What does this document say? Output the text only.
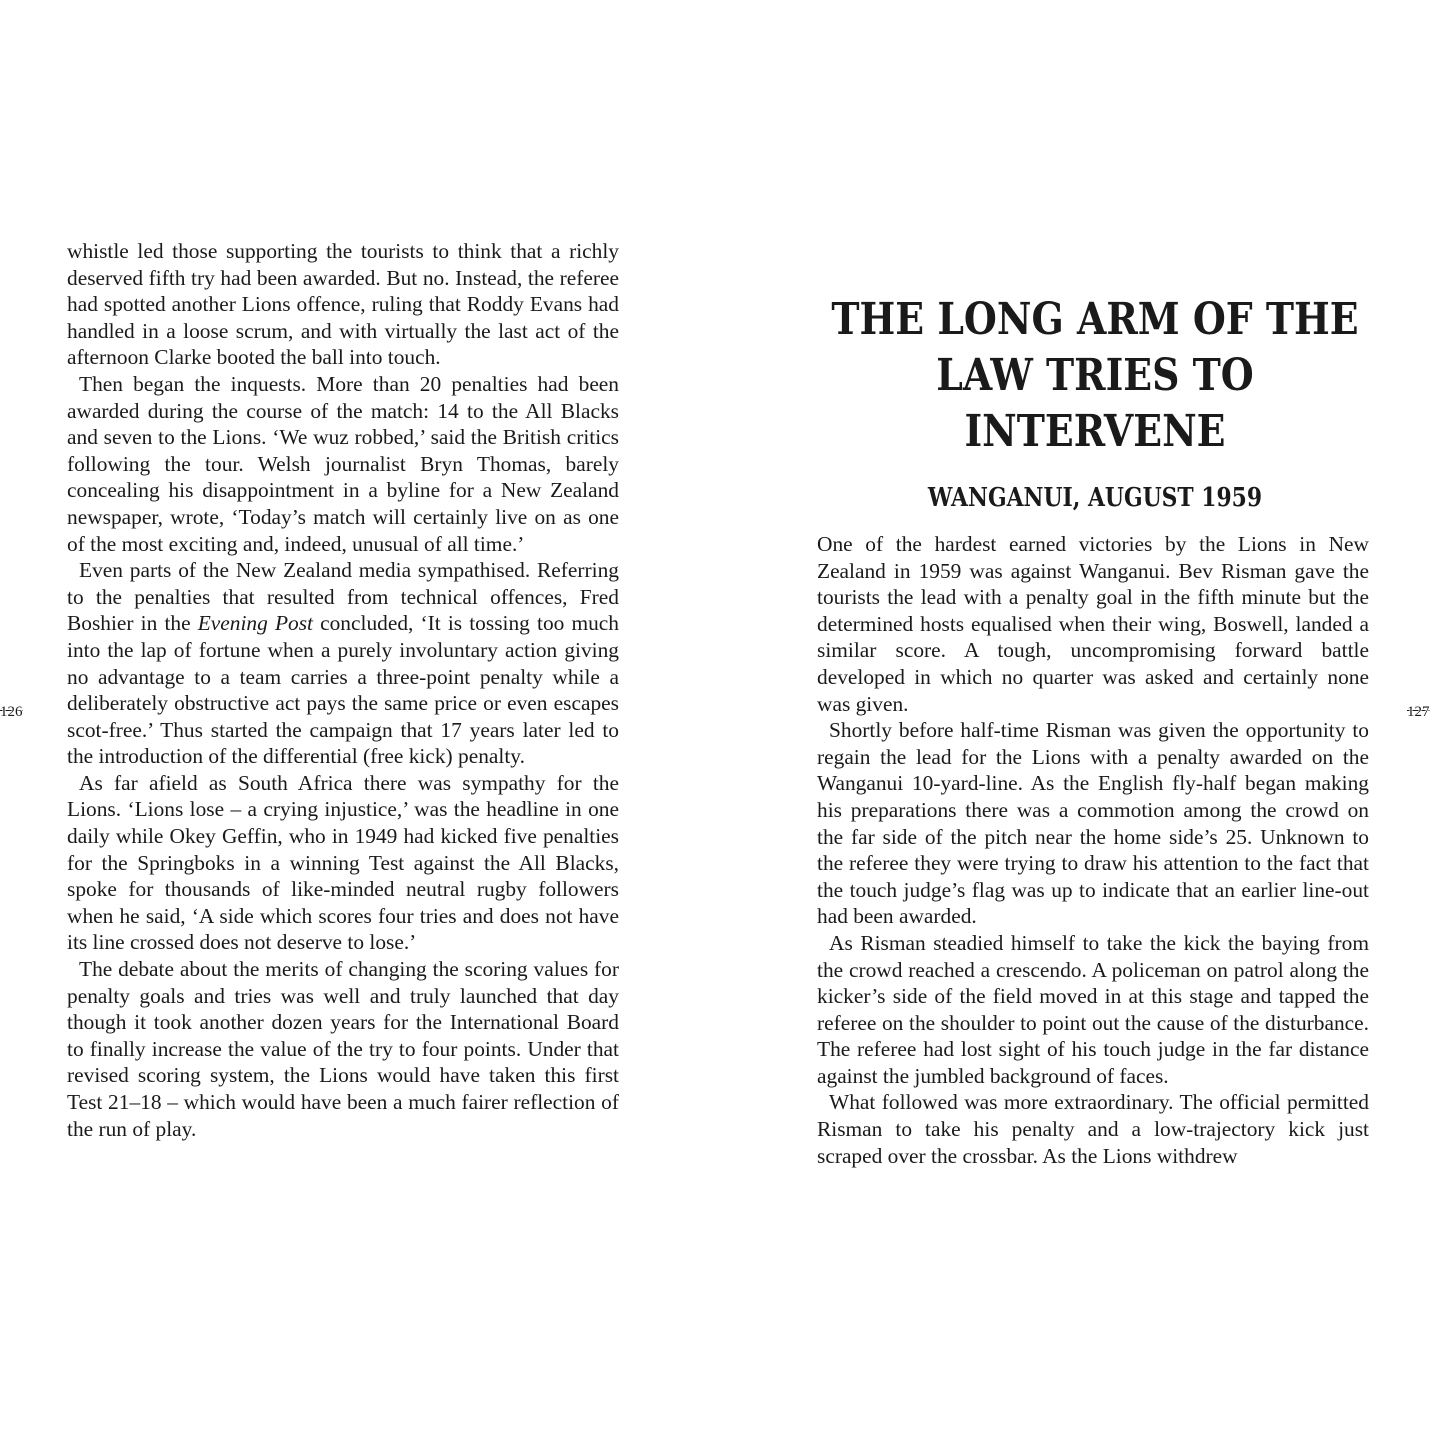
whistle led those supporting the tourists to think that a richly deserved fifth try had been awarded. But no. Instead, the referee had spotted another Lions offence, ruling that Roddy Evans had handled in a loose scrum, and with virtually the last act of the afternoon Clarke booted the ball into touch.

Then began the inquests. More than 20 penalties had been awarded during the course of the match: 14 to the All Blacks and seven to the Lions. ‘We wuz robbed,’ said the British critics following the tour. Welsh journalist Bryn Thomas, barely concealing his disappointment in a byline for a New Zealand newspaper, wrote, ‘Today’s match will certainly live on as one of the most exciting and, indeed, unusual of all time.’

Even parts of the New Zealand media sympathised. Referring to the penalties that resulted from technical offences, Fred Boshier in the Evening Post concluded, ‘It is tossing too much into the lap of fortune when a purely involuntary action giving no advantage to a team carries a three-point penalty while a deliberately obstructive act pays the same price or even escapes scot-free.’ Thus started the campaign that 17 years later led to the introduction of the differential (free kick) penalty.

As far afield as South Africa there was sympathy for the Lions. ‘Lions lose – a crying injustice,’ was the headline in one daily while Okey Geffin, who in 1949 had kicked five penalties for the Springboks in a winning Test against the All Blacks, spoke for thousands of like-minded neutral rugby followers when he said, ‘A side which scores four tries and does not have its line crossed does not deserve to lose.’

The debate about the merits of changing the scoring values for penalty goals and tries was well and truly launched that day though it took another dozen years for the International Board to finally increase the value of the try to four points. Under that revised scoring system, the Lions would have taken this first Test 21–18 – which would have been a much fairer reflection of the run of play.

126
THE LONG ARM OF THE
LAW TRIES TO INTERVENE
WANGANUI, AUGUST 1959

One of the hardest earned victories by the Lions in New Zealand in 1959 was against Wanganui. Bev Risman gave the tourists the lead with a penalty goal in the fifth minute but the determined hosts equalised when their wing, Boswell, landed a similar score. A tough, uncompromising forward battle developed in which no quarter was asked and certainly none was given.

Shortly before half-time Risman was given the opportunity to regain the lead for the Lions with a penalty awarded on the Wanganui 10-yard-line. As the English fly-half began making his preparations there was a commotion among the crowd on the far side of the pitch near the home side’s 25. Unknown to the referee they were trying to draw his attention to the fact that the touch judge’s flag was up to indicate that an earlier line-out had been awarded.

As Risman steadied himself to take the kick the baying from the crowd reached a crescendo. A policeman on patrol along the kicker’s side of the field moved in at this stage and tapped the referee on the shoulder to point out the cause of the disturbance. The referee had lost sight of his touch judge in the far distance against the jumbled background of faces.

What followed was more extraordinary. The official permitted Risman to take his penalty and a low-trajectory kick just scraped over the crossbar. As the Lions withdrew

127
